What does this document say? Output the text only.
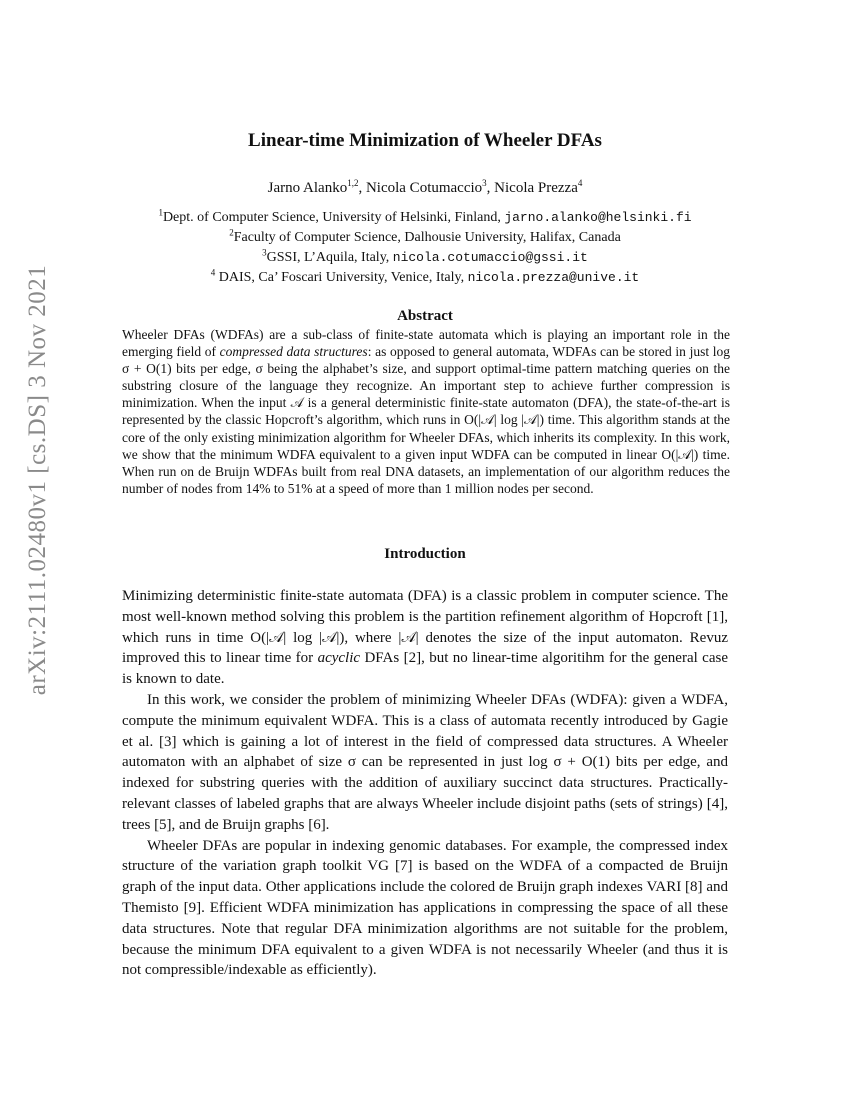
arXiv:2111.02480v1 [cs.DS] 3 Nov 2021
Linear-time Minimization of Wheeler DFAs
Jarno Alanko$^{1,2}$, Nicola Cotumaccio$^3$, Nicola Prezza$^4$
$^1$Dept. of Computer Science, University of Helsinki, Finland, jarno.alanko@helsinki.fi
$^2$Faculty of Computer Science, Dalhousie University, Halifax, Canada
$^3$GSSI, L’Aquila, Italy, nicola.cotumaccio@gssi.it
$^4$ DAIS, Ca’ Foscari University, Venice, Italy, nicola.prezza@unive.it
Abstract
Wheeler DFAs (WDFAs) are a sub-class of finite-state automata which is playing an important role in the emerging field of compressed data structures: as opposed to general automata, WDFAs can be stored in just log σ + O(1) bits per edge, σ being the alphabet’s size, and support optimal-time pattern matching queries on the substring closure of the language they recognize. An important step to achieve further compression is minimization. When the input 𝒜 is a general deterministic finite-state automaton (DFA), the state-of-the-art is represented by the classic Hopcroft’s algorithm, which runs in O(|𝒜| log |𝒜|) time. This algorithm stands at the core of the only existing minimization algorithm for Wheeler DFAs, which inherits its complexity. In this work, we show that the minimum WDFA equivalent to a given input WDFA can be computed in linear O(|𝒜|) time. When run on de Bruijn WDFAs built from real DNA datasets, an implementation of our algorithm reduces the number of nodes from 14% to 51% at a speed of more than 1 million nodes per second.
Introduction

Minimizing deterministic finite-state automata (DFA) is a classic problem in computer science. The most well-known method solving this problem is the partition refinement algorithm of Hopcroft [1], which runs in time O(|𝒜| log |𝒜|), where |𝒜| denotes the size of the input automaton. Revuz improved this to linear time for acyclic DFAs [2], but no linear-time algoritihm for the general case is known to date.

In this work, we consider the problem of minimizing Wheeler DFAs (WDFA): given a WDFA, compute the minimum equivalent WDFA. This is a class of automata recently introduced by Gagie et al. [3] which is gaining a lot of interest in the field of compressed data structures. A Wheeler automaton with an alphabet of size σ can be represented in just log σ + O(1) bits per edge, and indexed for substring queries with the addition of auxiliary succinct data structures. Practically-relevant classes of labeled graphs that are always Wheeler include disjoint paths (sets of strings) [4], trees [5], and de Bruijn graphs [6].

Wheeler DFAs are popular in indexing genomic databases. For example, the compressed index structure of the variation graph toolkit VG [7] is based on the WDFA of a compacted de Bruijn graph of the input data. Other applications include the colored de Bruijn graph indexes VARI [8] and Themisto [9]. Efficient WDFA minimization has applications in compressing the space of all these data structures. Note that regular DFA minimization algorithms are not suitable for the problem, because the minimum DFA equivalent to a given WDFA is not necessarily Wheeler (and thus it is not compressible/indexable as efficiently).
